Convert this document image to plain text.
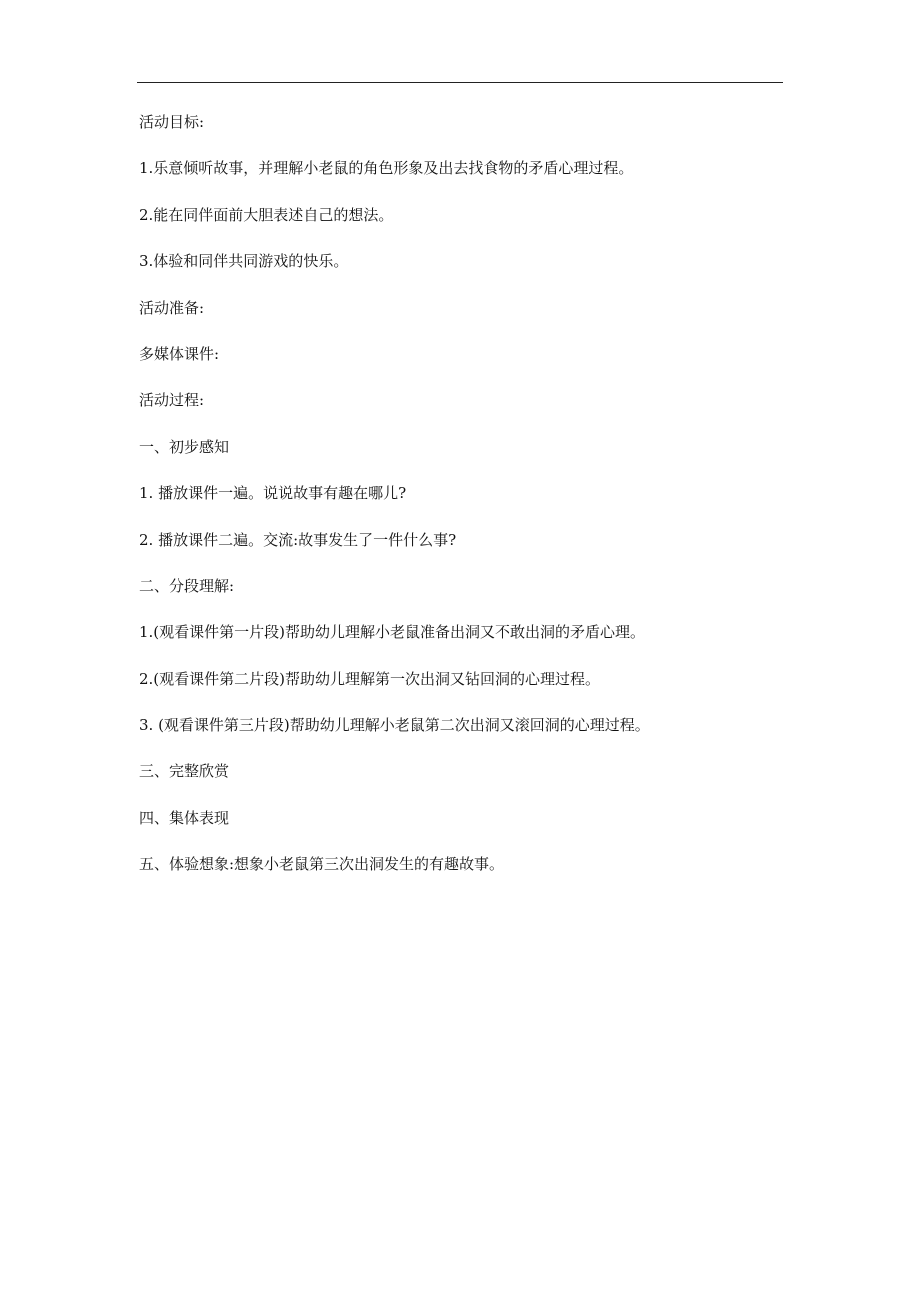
活动目标:
1.乐意倾听故事，并理解小老鼠的角色形象及出去找食物的矛盾心理过程。
2.能在同伴面前大胆表述自己的想法。
3.体验和同伴共同游戏的快乐。
活动准备:
多媒体课件:
活动过程:
一、初步感知
1. 播放课件一遍。说说故事有趣在哪儿?
2. 播放课件二遍。交流:故事发生了一件什么事?
二、分段理解:
1.(观看课件第一片段)帮助幼儿理解小老鼠准备出洞又不敢出洞的矛盾心理。
2.(观看课件第二片段)帮助幼儿理解第一次出洞又钻回洞的心理过程。
3. (观看课件第三片段)帮助幼儿理解小老鼠第二次出洞又滚回洞的心理过程。
三、完整欣赏
四、集体表现
五、体验想象:想象小老鼠第三次出洞发生的有趣故事。
